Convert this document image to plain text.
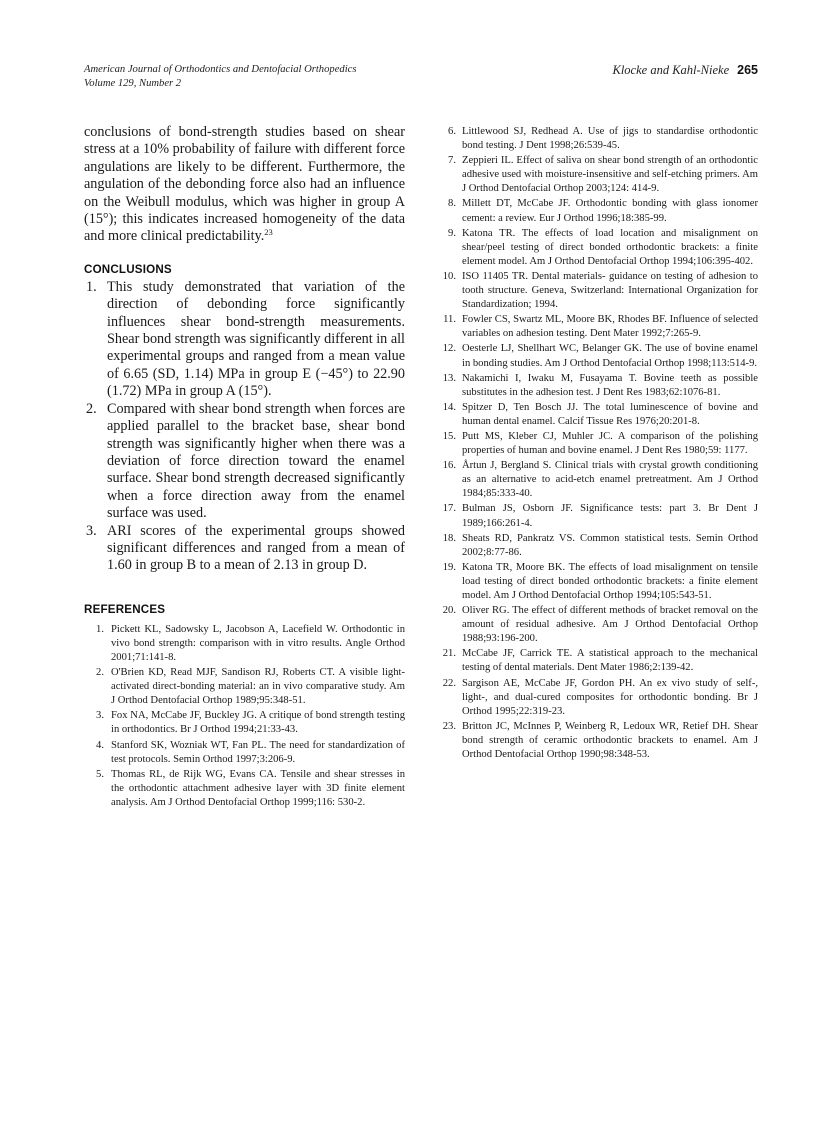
American Journal of Orthodontics and Dentofacial Orthopedics
Volume 129, Number 2
Klocke and Kahl-Nieke 265

conclusions of bond-strength studies based on shear stress at a 10% probability of failure with different force angulations are likely to be different. Furthermore, the angulation of the debonding force also had an influence on the Weibull modulus, which was higher in group A (15°); this indicates increased homogeneity of the data and more clinical predictability.$^{23}$

CONCLUSIONS
1. This study demonstrated that variation of the direction of debonding force significantly influences shear bond-strength measurements. Shear bond strength was significantly different in all experimental groups and ranged from a mean value of 6.65 (SD, 1.14) MPa in group E (−45°) to 22.90 (1.72) MPa in group A (15°).
2. Compared with shear bond strength when forces are applied parallel to the bracket base, shear bond strength was significantly higher when there was a deviation of force direction toward the enamel surface. Shear bond strength decreased significantly when a force direction away from the enamel surface was used.
3. ARI scores of the experimental groups showed significant differences and ranged from a mean of 1.60 in group B to a mean of 2.13 in group D.
REFERENCES
1. Pickett KL, Sadowsky L, Jacobson A, Lacefield W. Orthodontic in vivo bond strength: comparison with in vitro results. Angle Orthod 2001;71:141-8.
2. O'Brien KD, Read MJF, Sandison RJ, Roberts CT. A visible light-activated direct-bonding material: an in vivo comparative study. Am J Orthod Dentofacial Orthop 1989;95:348-51.
3. Fox NA, McCabe JF, Buckley JG. A critique of bond strength testing in orthodontics. Br J Orthod 1994;21:33-43.
4. Stanford SK, Wozniak WT, Fan PL. The need for standardization of test protocols. Semin Orthod 1997;3:206-9.
5. Thomas RL, de Rijk WG, Evans CA. Tensile and shear stresses in the orthodontic attachment adhesive layer with 3D finite element analysis. Am J Orthod Dentofacial Orthop 1999;116: 530-2.
6. Littlewood SJ, Redhead A. Use of jigs to standardise orthodontic bond testing. J Dent 1998;26:539-45.
7. Zeppieri IL. Effect of saliva on shear bond strength of an orthodontic adhesive used with moisture-insensitive and self-etching primers. Am J Orthod Dentofacial Orthop 2003;124: 414-9.
8. Millett DT, McCabe JF. Orthodontic bonding with glass ionomer cement: a review. Eur J Orthod 1996;18:385-99.
9. Katona TR. The effects of load location and misalignment on shear/peel testing of direct bonded orthodontic brackets: a finite element model. Am J Orthod Dentofacial Orthop 1994;106:395-402.
10. ISO 11405 TR. Dental materials- guidance on testing of adhesion to tooth structure. Geneva, Switzerland: International Organization for Standardization; 1994.
11. Fowler CS, Swartz ML, Moore BK, Rhodes BF. Influence of selected variables on adhesion testing. Dent Mater 1992;7:265-9.
12. Oesterle LJ, Shellhart WC, Belanger GK. The use of bovine enamel in bonding studies. Am J Orthod Dentofacial Orthop 1998;113:514-9.
13. Nakamichi I, Iwaku M, Fusayama T. Bovine teeth as possible substitutes in the adhesion test. J Dent Res 1983;62:1076-81.
14. Spitzer D, Ten Bosch JJ. The total luminescence of bovine and human dental enamel. Calcif Tissue Res 1976;20:201-8.
15. Putt MS, Kleber CJ, Muhler JC. A comparison of the polishing properties of human and bovine enamel. J Dent Res 1980;59: 1177.
16. Årtun J, Bergland S. Clinical trials with crystal growth conditioning as an alternative to acid-etch enamel pretreatment. Am J Orthod 1984;85:333-40.
17. Bulman JS, Osborn JF. Significance tests: part 3. Br Dent J 1989;166:261-4.
18. Sheats RD, Pankratz VS. Common statistical tests. Semin Orthod 2002;8:77-86.
19. Katona TR, Moore BK. The effects of load misalignment on tensile load testing of direct bonded orthodontic brackets: a finite element model. Am J Orthod Dentofacial Orthop 1994;105:543-51.
20. Oliver RG. The effect of different methods of bracket removal on the amount of residual adhesive. Am J Orthod Dentofacial Orthop 1988;93:196-200.
21. McCabe JF, Carrick TE. A statistical approach to the mechanical testing of dental materials. Dent Mater 1986;2:139-42.
22. Sargison AE, McCabe JF, Gordon PH. An ex vivo study of self-, light-, and dual-cured composites for orthodontic bonding. Br J Orthod 1995;22:319-23.
23. Britton JC, McInnes P, Weinberg R, Ledoux WR, Retief DH. Shear bond strength of ceramic orthodontic brackets to enamel. Am J Orthod Dentofacial Orthop 1990;98:348-53.
